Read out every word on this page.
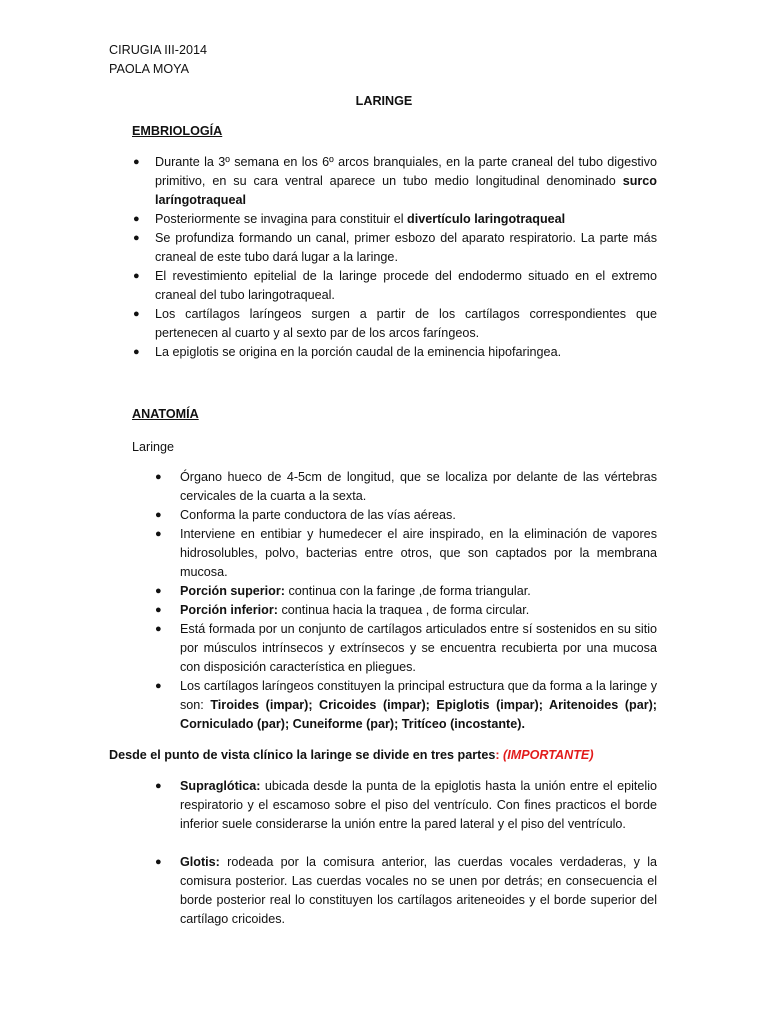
CIRUGIA III-2014
PAOLA MOYA
LARINGE
EMBRIOLOGÍA
● Durante la 3º semana en los 6º arcos branquiales, en la parte craneal del tubo digestivo primitivo, en su cara ventral aparece un tubo medio longitudinal denominado surco laríngotraqueal
● Posteriormente se invagina para constituir el divertículo laringotraqueal
● Se profundiza formando un canal, primer esbozo del aparato respiratorio. La parte más craneal de este tubo dará lugar a la laringe.
● El revestimiento epitelial de la laringe procede del endodermo situado en el extremo craneal del tubo laringotraqueal.
● Los cartílagos laríngeos surgen a partir de los cartílagos correspondientes que pertenecen al cuarto y al sexto par de los arcos faríngeos.
● La epiglotis se origina en la porción caudal de la eminencia hipofaringea.
ANATOMÍA
Laringe
● Órgano hueco de 4-5cm de longitud, que se localiza por delante de las vértebras cervicales de la cuarta a la sexta.
● Conforma la parte conductora de las vías aéreas.
● Interviene en entibiar y humedecer el aire inspirado, en la eliminación de vapores hidrosolubles, polvo, bacterias entre otros, que son captados por la membrana mucosa.
● Porción superior: continua con la faringe ,de forma triangular.
● Porción inferior: continua hacia la traquea , de forma circular.
● Está formada por un conjunto de cartílagos articulados entre sí sostenidos en su sitio por músculos intrínsecos y extrínsecos y se encuentra recubierta por una mucosa con disposición característica en pliegues.
● Los cartílagos laríngeos constituyen la principal estructura que da forma a la laringe y son: Tiroides (impar); Cricoides (impar); Epiglotis (impar); Aritenoides (par); Corniculado (par); Cuneiforme (par); Tritíceo (incostante).
Desde el punto de vista clínico la laringe se divide en tres partes: (IMPORTANTE)
● Supraglótica: ubicada desde la punta de la epiglotis hasta la unión entre el epitelio respiratorio y el escamoso sobre el piso del ventrículo. Con fines practicos el borde inferior suele considerarse la unión entre la pared lateral y el piso del ventrículo.
● Glotis: rodeada por la comisura anterior, las cuerdas vocales verdaderas, y la comisura posterior. Las cuerdas vocales no se unen por detrás; en consecuencia el borde posterior real lo constituyen los cartílagos ariteneoides y el borde superior del cartílago cricoides.
